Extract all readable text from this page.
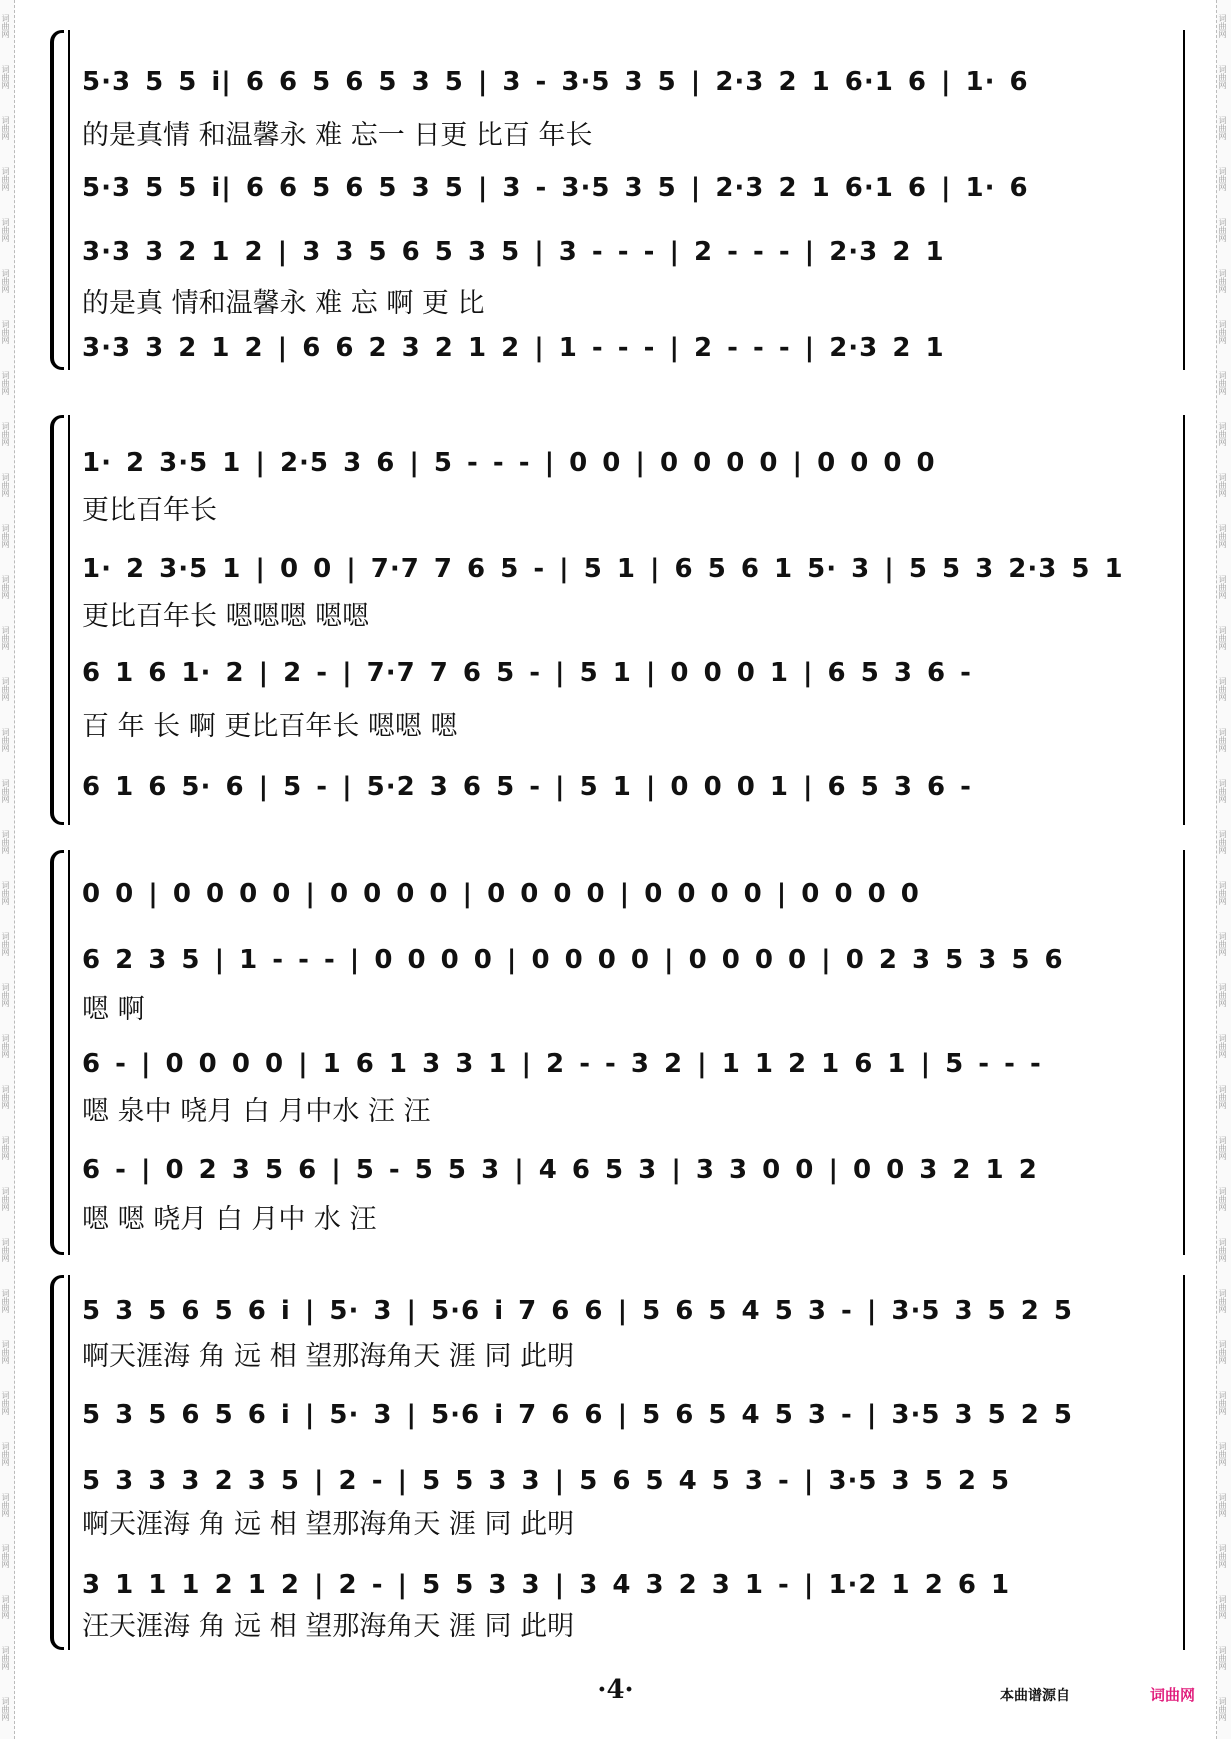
词曲网
词曲网
词曲网
词曲网
词曲网
词曲网
词曲网
词曲网
词曲网
词曲网
词曲网
词曲网
词曲网
词曲网
词曲网
词曲网
词曲网
词曲网
词曲网
词曲网
词曲网
词曲网
词曲网
词曲网
词曲网
词曲网
词曲网
词曲网
词曲网
词曲网
词曲网
词曲网
词曲网
词曲网
词曲网
词曲网
词曲网
词曲网
词曲网
词曲网
词曲网
词曲网
词曲网
词曲网
词曲网
词曲网
词曲网
词曲网
词曲网
词曲网
词曲网
词曲网
词曲网
词曲网
词曲网
词曲网
词曲网
词曲网
词曲网
词曲网
词曲网
词曲网
词曲网
词曲网
词曲网
词曲网
词曲网
词曲网
5·3 5 5 i| 6 6 5 6 5 3 5 | 3 - 3·5 3 5 | 2·3 2 1 6·1 6 | 1· 6
的是真情 和温馨永 难 忘一 日更 比百 年长
5·3 5 5 i| 6 6 5 6 5 3 5 | 3 - 3·5 3 5 | 2·3 2 1 6·1 6 | 1· 6
3·3 3 2 1 2 | 3 3 5 6 5 3 5 | 3 - - - | 2 - - - | 2·3 2 1
的是真 情和温馨永 难 忘 啊 更 比
3·3 3 2 1 2 | 6 6 2 3 2 1 2 | 1 - - - | 2 - - - | 2·3 2 1
1· 2 3·5 1 | 2·5 3 6 | 5 - - - | 0 0 | 0 0 0 0 | 0 0 0 0
更比百年长
1· 2 3·5 1 | 0 0 | 7·7 7 6 5 - | 5 1 | 6 5 6 1 5· 3 | 5 5 3 2·3 5 1
更比百年长 嗯嗯嗯 嗯嗯
6 1 6 1· 2 | 2 - | 7·7 7 6 5 - | 5 1 | 0 0 0 1 | 6 5 3 6 -
百 年 长 啊 更比百年长 嗯嗯 嗯
6 1 6 5· 6 | 5 - | 5·2 3 6 5 - | 5 1 | 0 0 0 1 | 6 5 3 6 -
0 0 | 0 0 0 0 | 0 0 0 0 | 0 0 0 0 | 0 0 0 0 | 0 0 0 0
6 2 3 5 | 1 - - - | 0 0 0 0 | 0 0 0 0 | 0 0 0 0 | 0 2 3 5 3 5 6
嗯 啊
6 - | 0 0 0 0 | 1 6 1 3 3 1 | 2 - - 3 2 | 1 1 2 1 6 1 | 5 - - -
嗯 泉中 哓月 白 月中水 汪 汪
6 - | 0 2 3 5 6 | 5 - 5 5 3 | 4 6 5 3 | 3 3 0 0 | 0 0 3 2 1 2
嗯 嗯 哓月 白 月中 水 汪
5 3 5 6 5 6 i | 5· 3 | 5·6 i 7 6 6 | 5 6 5 4 5 3 - | 3·5 3 5 2 5
啊天涯海 角 远 相 望那海角天 涯 同 此明
5 3 5 6 5 6 i | 5· 3 | 5·6 i 7 6 6 | 5 6 5 4 5 3 - | 3·5 3 5 2 5
5 3 3 3 2 3 5 | 2 - | 5 5 3 3 | 5 6 5 4 5 3 - | 3·5 3 5 2 5
啊天涯海 角 远 相 望那海角天 涯 同 此明
3 1 1 1 2 1 2 | 2 - | 5 5 3 3 | 3 4 3 2 3 1 - | 1·2 1 2 6 1
汪天涯海 角 远 相 望那海角天 涯 同 此明
·4·	本曲谱源自	词曲网
